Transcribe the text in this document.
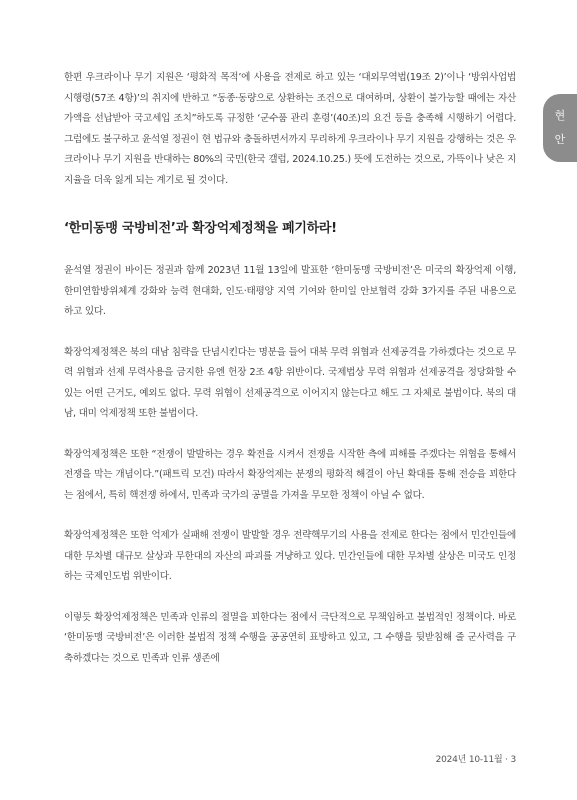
현
안

한편 우크라이나 무기 지원은 ‘평화적 목적’에 사용을 전제로 하고 있는 ‘대외무역법(19조 2)’이나 ‘방위사업법 시행령(57조 4항)’의 취지에 반하고 “동종·동량으로 상환하는 조건으로 대여하며, 상환이 불가능할 때에는 자산가액을 선납받아 국고세입 조치”하도록 규정한 ‘군수품 관리 훈령’(40조)의 요건 등을 충족해 시행하기 어렵다. 그럼에도 불구하고 윤석열 정권이 현 법규와 충돌하면서까지 무리하게 우크라이나 무기 지원을 강행하는 것은 우크라이나 무기 지원을 반대하는 80%의 국민(한국 갤럽, 2024.10.25.) 뜻에 도전하는 것으로, 가뜩이나 낮은 지지율을 더욱 잃게 되는 계기로 될 것이다.

‘한미동맹 국방비전’과 확장억제정책을 폐기하라!

윤석열 정권이 바이든 정권과 함께 2023년 11월 13일에 발표한 ‘한미동맹 국방비전’은 미국의 확장억제 이행, 한미연합방위체계 강화와 능력 현대화, 인도·태평양 지역 기여와 한미일 안보협력 강화 3가지를 주된 내용으로 하고 있다.

확장억제정책은 북의 대남 침략을 단념시킨다는 명분을 들어 대북 무력 위협과 선제공격을 가하겠다는 것으로 무력 위협과 선제 무력사용을 금지한 유엔 헌장 2조 4항 위반이다. 국제법상 무력 위협과 선제공격을 정당화할 수 있는 어떤 근거도, 예외도 없다. 무력 위협이 선제공격으로 이어지지 않는다고 해도 그 자체로 불법이다. 북의 대남, 대미 억제정책 또한 불법이다.

확장억제정책은 또한 “전쟁이 발발하는 경우 확전을 시켜서 전쟁을 시작한 측에 피해를 주겠다는 위협을 통해서 전쟁을 막는 개념이다.”(패트릭 모건) 따라서 확장억제는 분쟁의 평화적 해결이 아닌 확대를 통해 전승을 꾀한다는 점에서, 특히 핵전쟁 하에서, 민족과 국가의 공멸을 가져올 무모한 정책이 아닐 수 없다.

확장억제정책은 또한 억제가 실패해 전쟁이 발발할 경우 전략핵무기의 사용을 전제로 한다는 점에서 민간인들에 대한 무차별 대규모 살상과 무한대의 자산의 파괴를 겨냥하고 있다. 민간인들에 대한 무차별 살상은 미국도 인정하는 국제인도법 위반이다.

이렇듯 확장억제정책은 민족과 인류의 절멸을 꾀한다는 점에서 극단적으로 무책임하고 불법적인 정책이다. 바로 ‘한미동맹 국방비전’은 이러한 불법적 정책 수행을 공공연히 표방하고 있고, 그 수행을 뒷받침해 줄 군사력을 구축하겠다는 것으로 민족과 인류 생존에

2024년 10-11월 · 3
